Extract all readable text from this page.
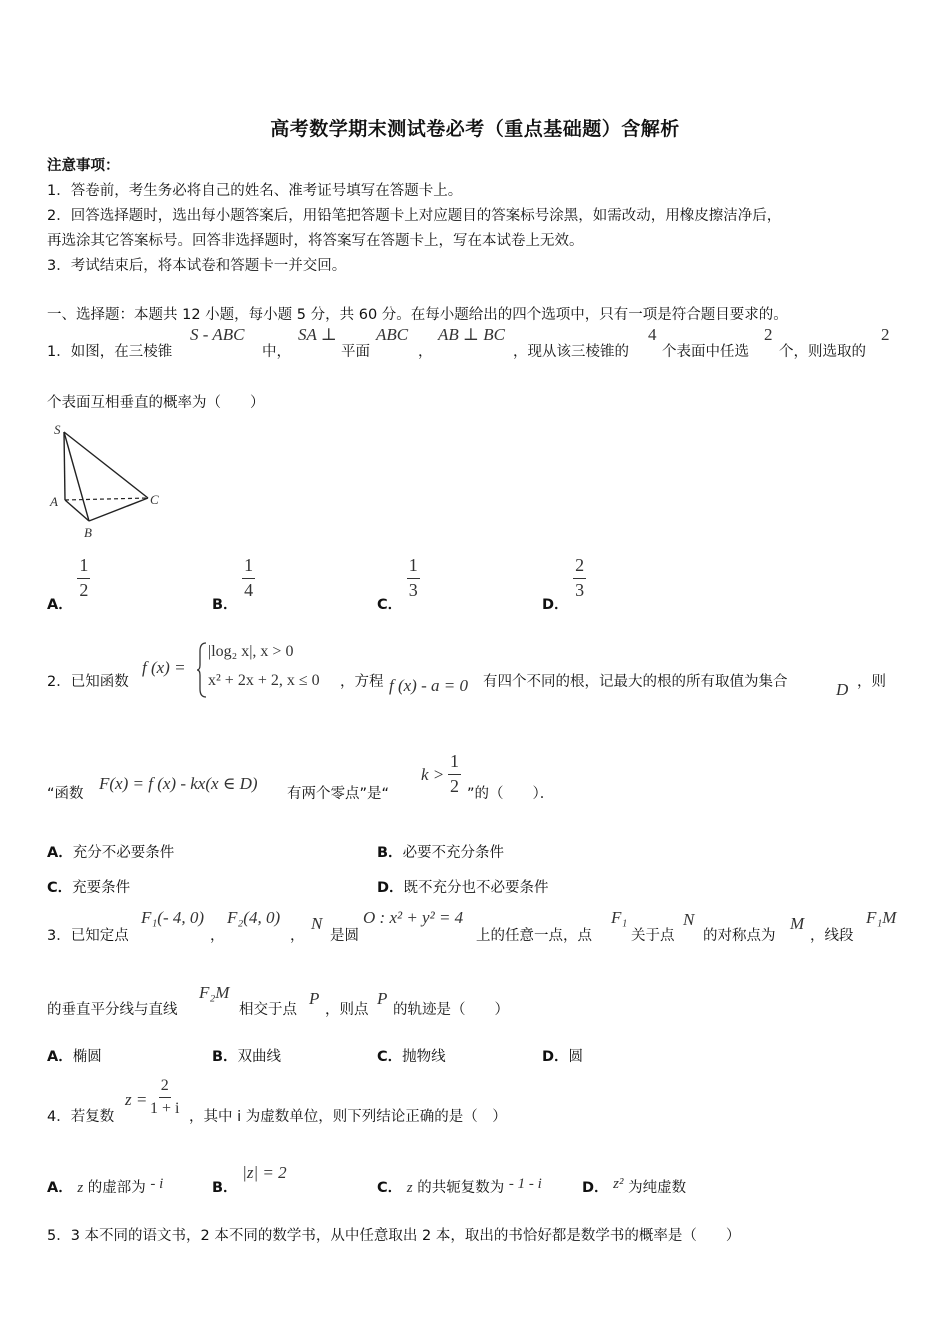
高考数学期末测试卷必考（重点基础题）含解析
注意事项：
1．答卷前，考生务必将自己的姓名、准考证号填写在答题卡上。
2．回答选择题时，选出每小题答案后，用铅笔把答题卡上对应题目的答案标号涂黑，如需改动，用橡皮擦洁净后，
再选涂其它答案标号。回答非选择题时，将答案写在答题卡上，写在本试卷上无效。
3．考试结束后，将本试卷和答题卡一并交回。
一、选择题：本题共 12 小题，每小题 5 分，共 60 分。在每小题给出的四个选项中，只有一项是符合题目要求的。
1．如图，在三棱锥
S - ABC
中，
SA ⊥
平面
ABC
，
AB ⊥ BC
，现从该三棱锥的
4
个表面中任选
2
个，则选取的
2
个表面互相垂直的概率为（　　）
S
A
B
C
A．
$\frac{1}{2}$
B．
$\frac{1}{4}$
C．
$\frac{1}{3}$
D．
$\frac{2}{3}$
2．已知函数
f (x) =
|log₂ x|, x > 0
x² + 2x + 2, x ≤ 0 ，方程 f (x) - a = 0 有四个不同的根，记最大的根的所有取值为集合	D ，则
“函数
F(x) = f (x) - kx(x ∈ D)
有两个零点”是“
$k > \frac{1}{2}$ ”的（　　）．
A．充分不必要条件	B．必要不充分条件
C．充要条件	D．既不充分也不必要条件
3．已知定点
F₁(- 4, 0)
，
F₂(4, 0)
，
N
是圆
O : x² + y² = 4
上的任意一点，点
F₁
关于点
N
的对称点为
M
，线段
F₁M
的垂直平分线与直线
F₂M
相交于点
P
，则点
P
的轨迹是（　　）
A．椭圆	B．双曲线	C．抛物线	D．圆
4．若复数
$z = \frac{2}{1 + i}$ ，其中 i 为虚数单位，则下列结论正确的是（　）
A． z 的虚部为 - i	B． |z| = 2
C． z 的共轭复数为 - 1 - i	D． z² 为纯虚数
5．3 本不同的语文书，2 本不同的数学书，从中任意取出 2 本，取出的书恰好都是数学书的概率是（　　）
